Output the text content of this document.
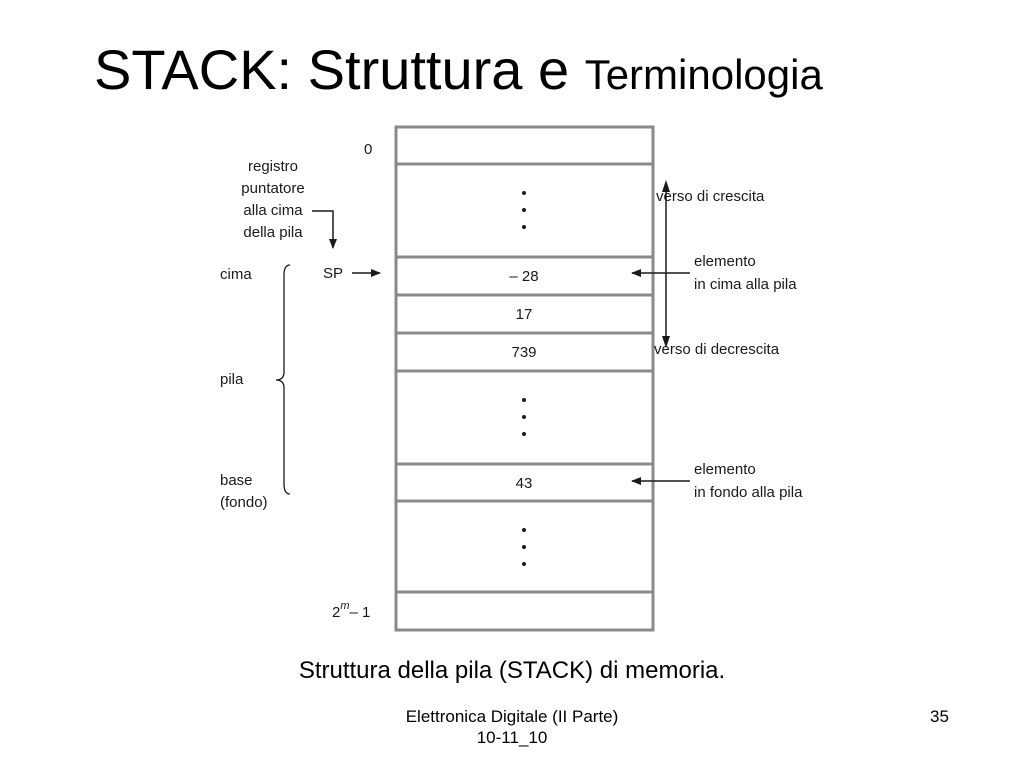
STACK: Struttura e Terminologia
– 28
17
739
43
0
2$^m$– 1
registro
puntatore
alla cima
della pila
SP
cima
pila
base
(fondo)
verso di crescita
verso di decrescita
elemento
in cima alla pila
elemento
in fondo alla pila
Struttura della pila (STACK) di memoria.
Elettronica Digitale (II Parte)
10-11_10
35
